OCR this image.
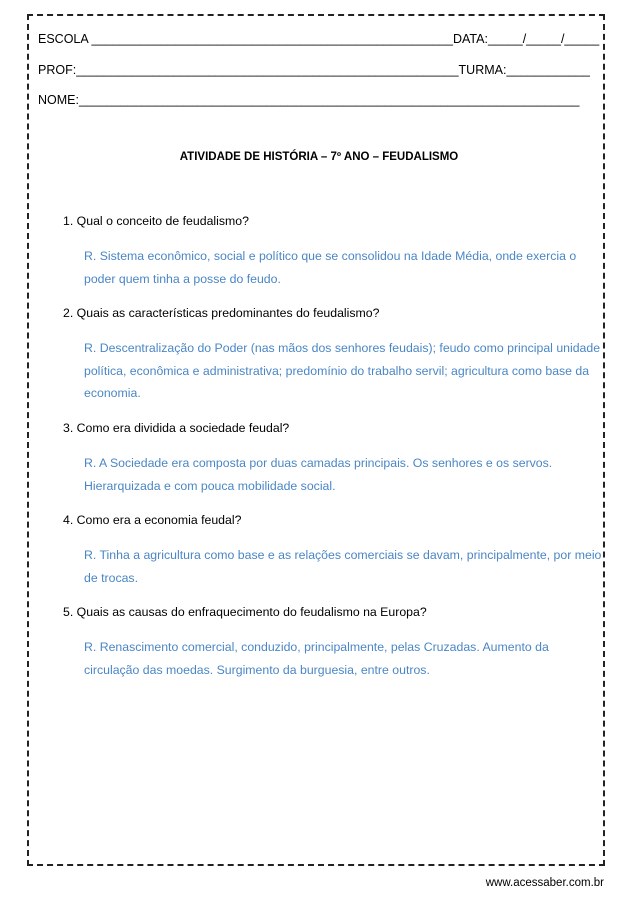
ESCOLA ____________________________________________________DATA:_____/_____/_____
PROF:_______________________________________________________TURMA:____________
NOME:________________________________________________________________________
ATIVIDADE DE HISTÓRIA – 7º ANO – FEUDALISMO
1. Qual o conceito de feudalismo?
R. Sistema econômico, social e político que se consolidou na Idade Média, onde exercia o poder quem tinha a posse do feudo.
2. Quais as características predominantes do feudalismo?
R. Descentralização do Poder (nas mãos dos senhores feudais); feudo como principal unidade política, econômica e administrativa; predomínio do trabalho servil; agricultura como base da economia.
3. Como era dividida a sociedade feudal?
R. A Sociedade era composta por duas camadas principais. Os senhores e os servos. Hierarquizada e com pouca mobilidade social.
4. Como era a economia feudal?
R. Tinha a agricultura como base e as relações comerciais se davam, principalmente, por meio de trocas.
5. Quais as causas do enfraquecimento do feudalismo na Europa?
R. Renascimento comercial, conduzido, principalmente, pelas Cruzadas. Aumento da circulação das moedas. Surgimento da burguesia, entre outros.
www.acessaber.com.br
